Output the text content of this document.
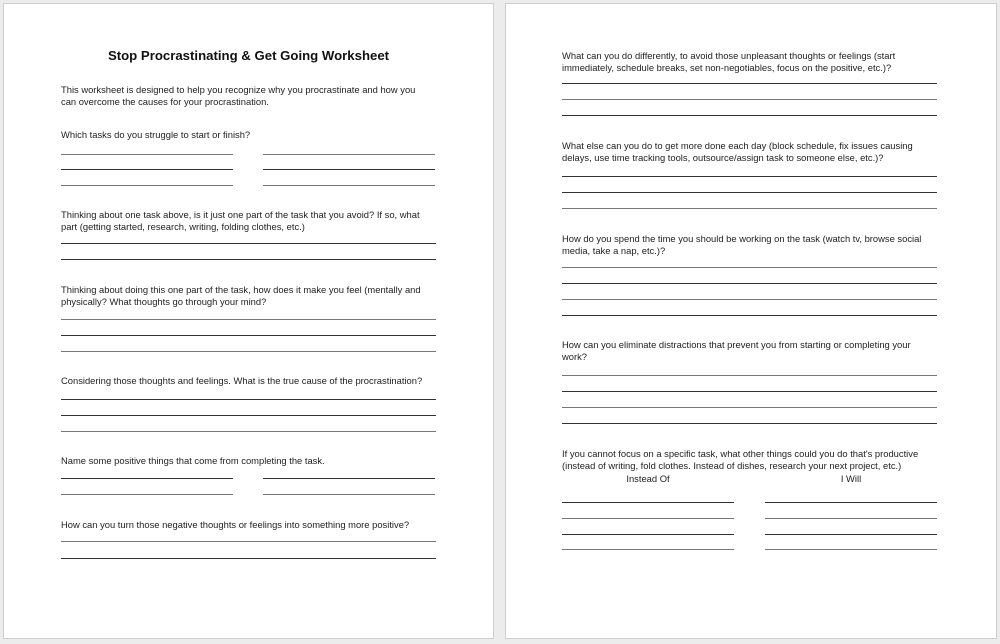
Stop Procrastinating & Get Going Worksheet
This worksheet is designed to help you recognize why you procrastinate and how you
can overcome the causes for your procrastination.
Which tasks do you struggle to start or finish?
Thinking about one task above, is it just one part of the task that you avoid? If so, what
part (getting started, research, writing, folding clothes, etc.)
Thinking about doing this one part of the task, how does it make you feel (mentally and
physically? What thoughts go through your mind?
Considering those thoughts and feelings. What is the true cause of the procrastination?
Name some positive things that come from completing the task.
How can you turn those negative thoughts or feelings into something more positive?
What can you do differently, to avoid those unpleasant thoughts or feelings (start
immediately, schedule breaks, set non-negotiables, focus on the positive, etc.)?
What else can you do to get more done each day (block schedule, fix issues causing
delays, use time tracking tools, outsource/assign task to someone else, etc.)?
How do you spend the time you should be working on the task (watch tv, browse social
media, take a nap, etc.)?
How can you eliminate distractions that prevent you from starting or completing your
work?
If you cannot focus on a specific task, what other things could you do that's productive
(instead of writing, fold clothes. Instead of dishes, research your next project, etc.)
Instead Of	I Will
